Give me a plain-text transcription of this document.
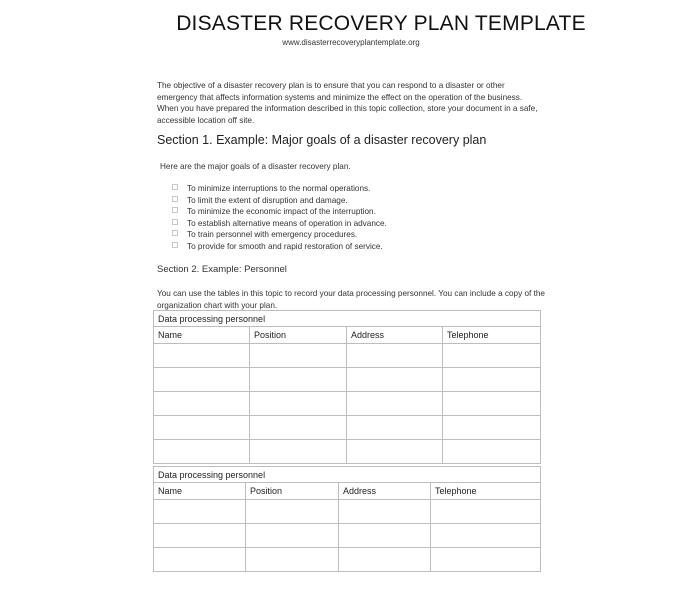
DISASTER RECOVERY PLAN TEMPLATE
www.disasterrecoveryplantemplate.org
The objective of a disaster recovery plan is to ensure that you can respond to a disaster or other
emergency that affects information systems and minimize the effect on the operation of the business.
When you have prepared the information described in this topic collection, store your document in a safe,
accessible location off site.
Section 1. Example: Major goals of a disaster recovery plan
Here are the major goals of a disaster recovery plan.
To minimize interruptions to the normal operations.
To limit the extent of disruption and damage.
To minimize the economic impact of the interruption.
To establish alternative means of operation in advance.
To train personnel with emergency procedures.
To provide for smooth and rapid restoration of service.
Section 2. Example: Personnel
You can use the tables in this topic to record your data processing personnel. You can include a copy of the
organization chart with your plan.
Data processing personnel			
Name	Position	Address	Telephone

Data processing personnel			
Name	Position	Address	Telephone
